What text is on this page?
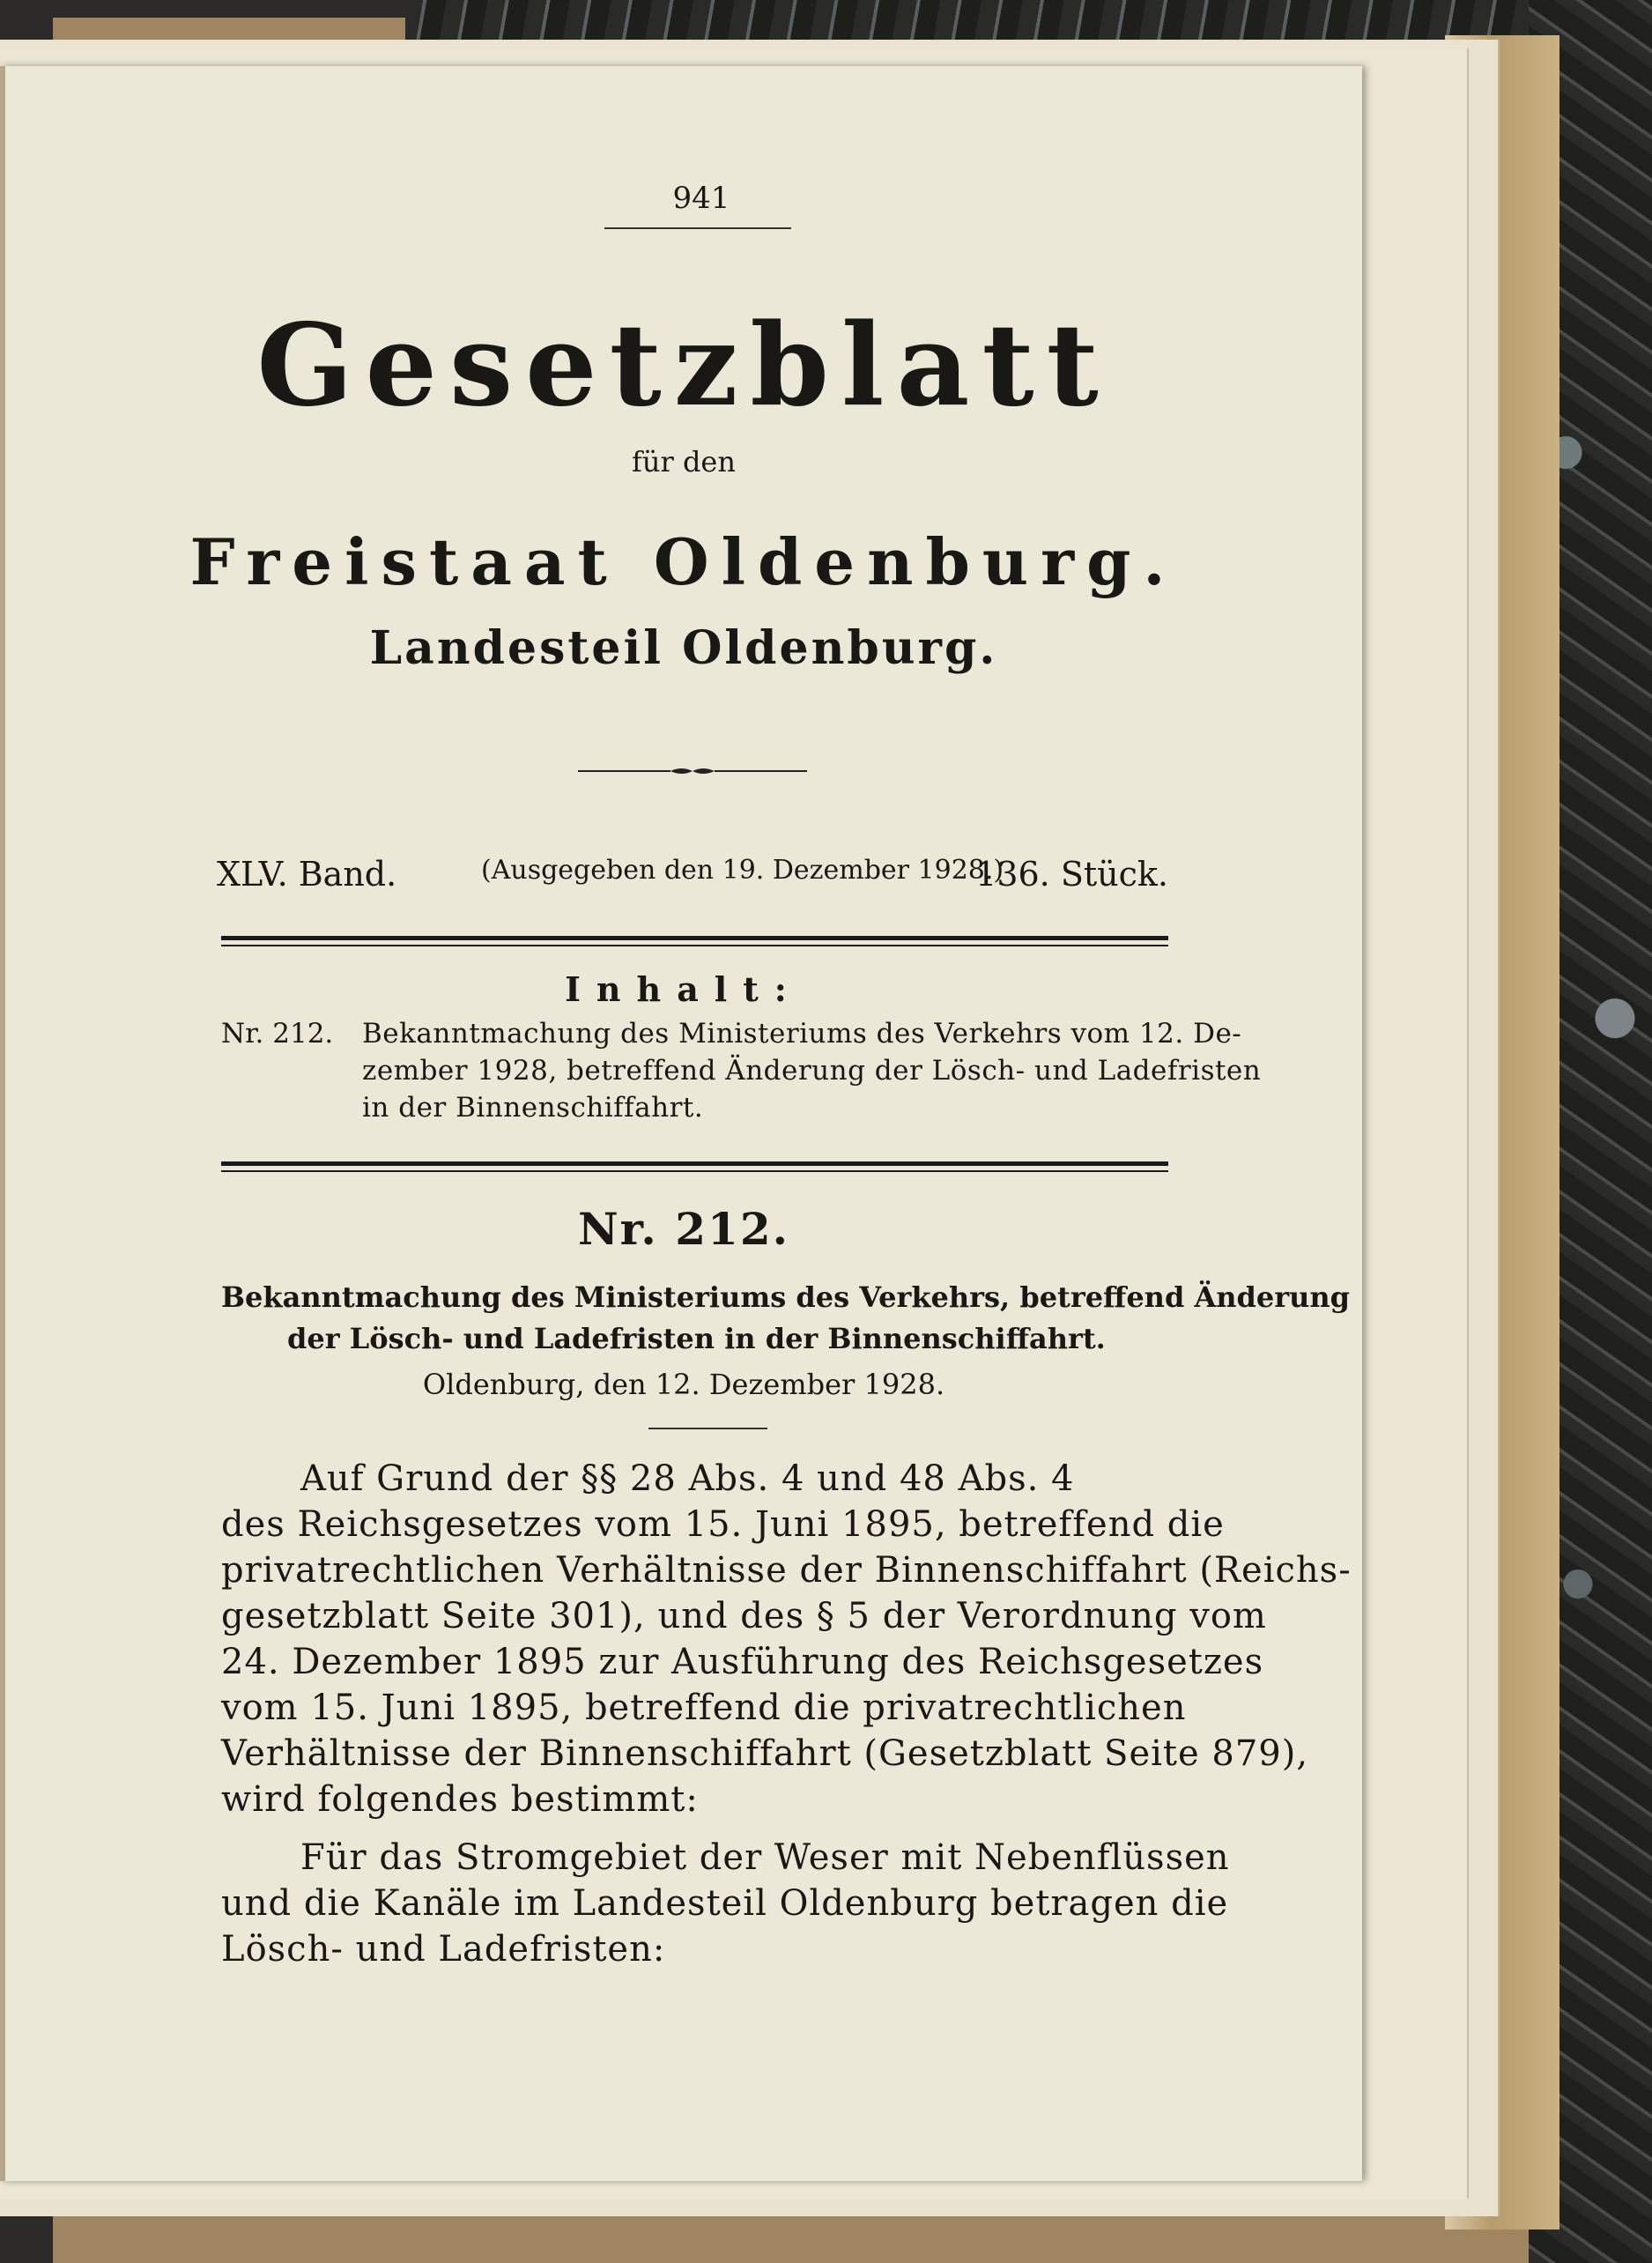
941
Gesetzblatt
für den
Freistaat Oldenburg.
Landesteil Oldenburg.
XLV. Band.	(Ausgegeben den 19. Dezember 1928.)
136. Stück.
Inhalt:
Nr. 212. Bekanntmachung des Ministeriums des Verkehrs vom 12. De-
zember 1928, betreffend Änderung der Lösch- und Ladefristen
in der Binnenschiffahrt.
Nr. 212.
Bekanntmachung des Ministeriums des Verkehrs, betreffend Änderung
der Lösch- und Ladefristen in der Binnenschiffahrt.
Oldenburg, den 12. Dezember 1928.
Auf Grund der §§ 28 Abs. 4 und 48 Abs. 4
des Reichsgesetzes vom 15. Juni 1895, betreffend die
privatrechtlichen Verhältnisse der Binnenschiffahrt (Reichs-
gesetzblatt Seite 301), und des § 5 der Verordnung vom
24. Dezember 1895 zur Ausführung des Reichsgesetzes
vom 15. Juni 1895, betreffend die privatrechtlichen
Verhältnisse der Binnenschiffahrt (Gesetzblatt Seite 879),
wird folgendes bestimmt:
Für das Stromgebiet der Weser mit Nebenflüssen
und die Kanäle im Landesteil Oldenburg betragen die
Lösch- und Ladefristen:
